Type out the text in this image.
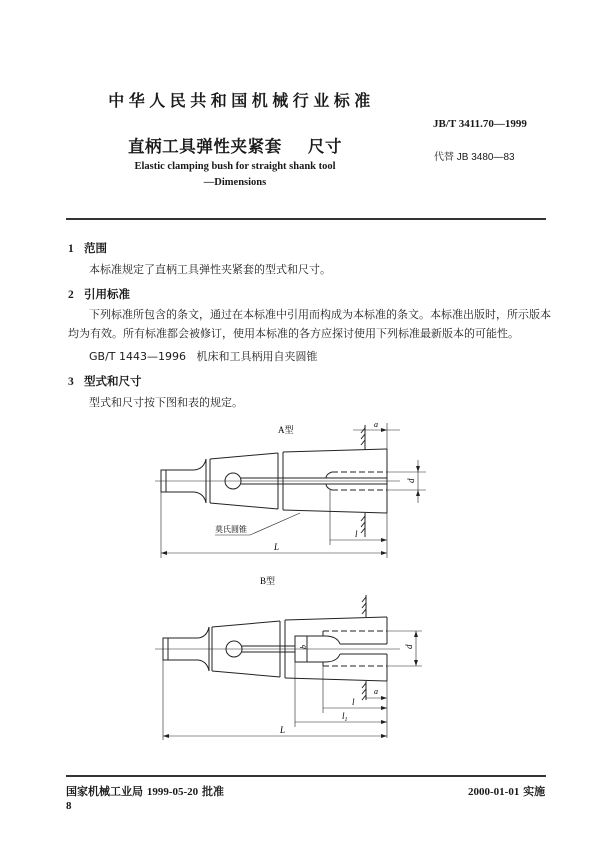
中华人民共和国机械行业标准
JB/T 3411.70—1999
直柄工具弹性夹紧套 尺寸
代替 JB 3480—83
Elastic clamping bush for straight shank tool
—Dimensions
1 范围
本标准规定了直柄工具弹性夹紧套的型式和尺寸。
2 引用标准
下列标准所包含的条文，通过在本标准中引用而构成为本标准的条文。本标准出版时，所示版本
均为有效。所有标准都会被修订，使用本标准的各方应探讨使用下列标准最新版本的可能性。
GB/T 1443—1996   机床和工具柄用自夹圆锥
3 型式和尺寸
型式和尺寸按下图和表的规定。
A型
a
d
l
L
莫氏圆锥
B型
a
b	d
l
$l_1$
L
国家机械工业局 1999-05-20 批准	2000-01-01 实施
8
